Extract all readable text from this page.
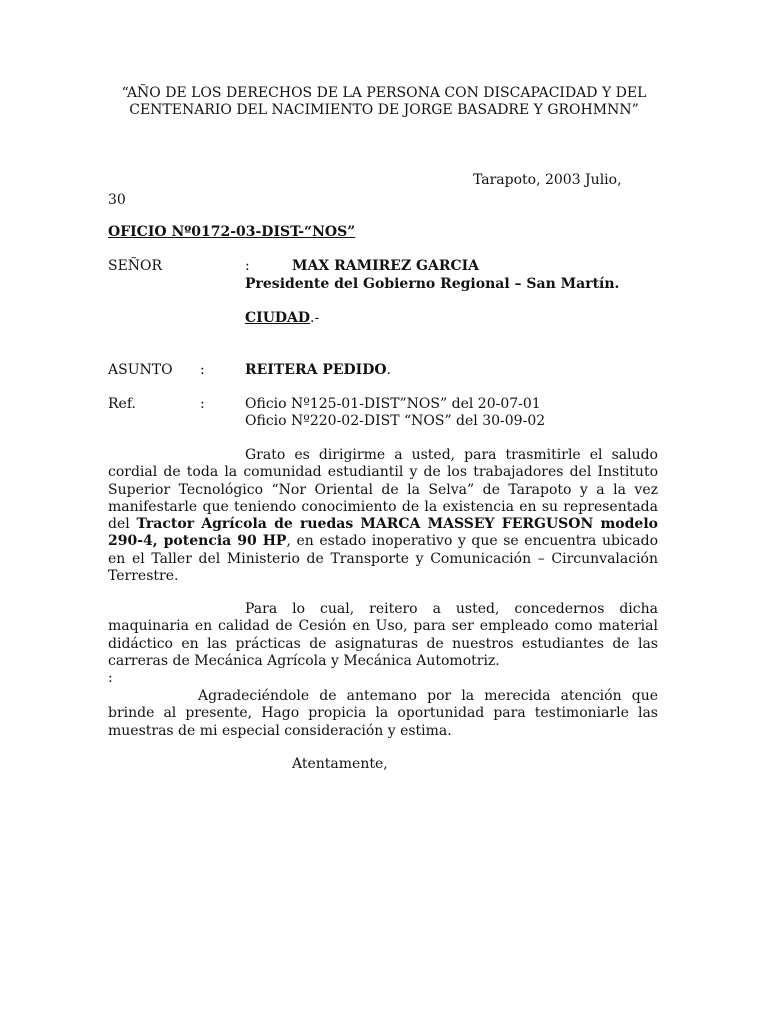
“AÑO DE LOS DERECHOS DE LA PERSONA CON DISCAPACIDAD Y DEL CENTENARIO DEL NACIMIENTO DE JORGE BASADRE Y GROHMNN”
Tarapoto, 2003 Julio,
30
OFICIO Nº0172-03-DIST-“NOS”
SEÑOR	:	MAX RAMIREZ GARCIA
Presidente del Gobierno Regional – San Martín.
CIUDAD.-
ASUNTO :	REITERA PEDIDO.
Ref.	:	Oficio Nº125-01-DIST”NOS” del 20-07-01
Oficio Nº220-02-DIST “NOS” del 30-09-02
Grato es dirigirme a usted, para trasmitirle el saludo cordial de toda la comunidad estudiantil y de los trabajadores del Instituto Superior Tecnológico “Nor Oriental de la Selva” de Tarapoto y a la vez manifestarle que teniendo conocimiento de la existencia en su representada del Tractor Agrícola de ruedas MARCA MASSEY FERGUSON modelo 290-4, potencia 90 HP, en estado inoperativo y que se encuentra ubicado en el Taller del Ministerio de Transporte y Comunicación – Circunvalación Terrestre.
Para lo cual, reitero a usted, concedernos dicha maquinaria en calidad de Cesión en Uso, para ser empleado como material didáctico en las prácticas de asignaturas de nuestros estudiantes de las carreras de Mecánica Agrícola y Mecánica Automotriz.
:
Agradeciéndole de antemano por la merecida atención que brinde al presente, Hago propicia la oportunidad para testimoniarle las muestras de mi especial consideración y estima.
Atentamente,
